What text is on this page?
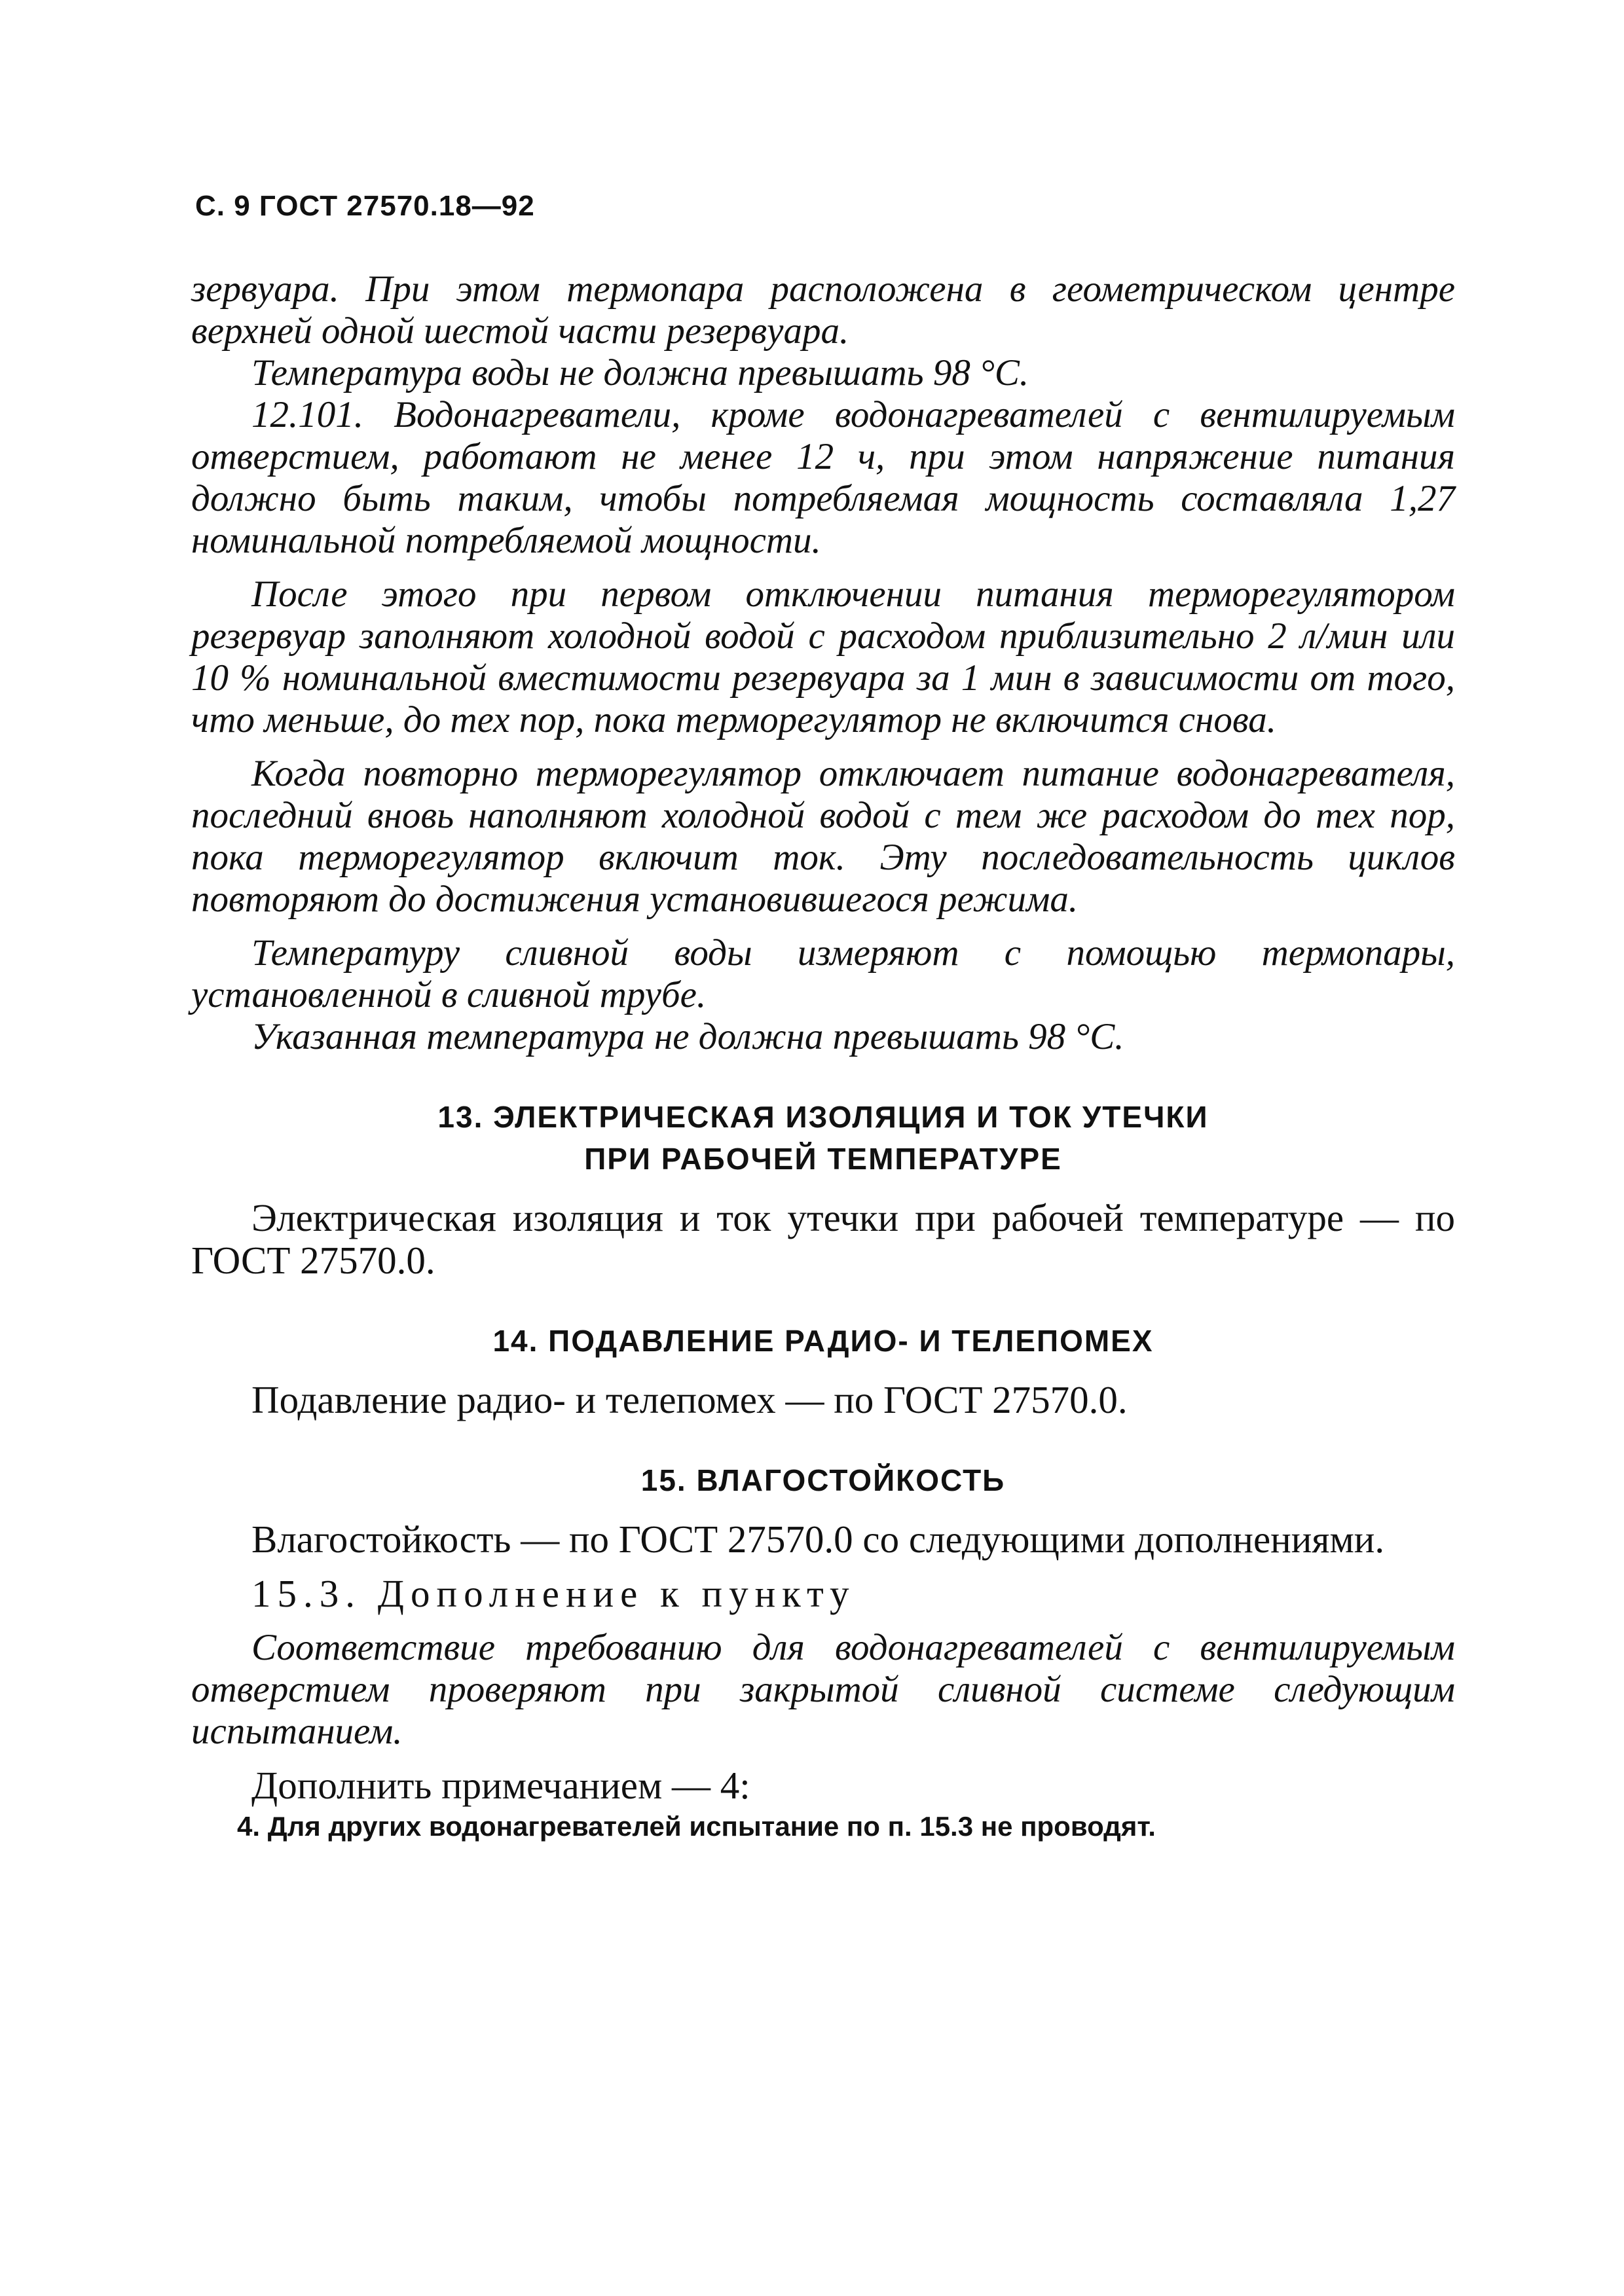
С. 9 ГОСТ 27570.18—92

зервуара. При этом термопара расположена в геометрическом центре верхней одной шестой части резервуара.

Температура воды не должна превышать 98 °С.

12.101. Водонагреватели, кроме водонагревателей с вентилируемым отверстием, работают не менее 12 ч, при этом напряжение питания должно быть таким, чтобы потребляемая мощность составляла 1,27 номинальной потребляемой мощности.

После этого при первом отключении питания терморегулятором резервуар заполняют холодной водой с расходом приблизительно 2 л/мин или 10 % номинальной вместимости резервуара за 1 мин в зависимости от того, что меньше, до тех пор, пока терморегулятор не включится снова.

Когда повторно терморегулятор отключает питание водонагревателя, последний вновь наполняют холодной водой с тем же расходом до тех пор, пока терморегулятор включит ток. Эту последовательность циклов повторяют до достижения установившегося режима.

Температуру сливной воды измеряют с помощью термопары, установленной в сливной трубе.

Указанная температура не должна превышать 98 °С.

13. ЭЛЕКТРИЧЕСКАЯ ИЗОЛЯЦИЯ И ТОК УТЕЧКИ
ПРИ РАБОЧЕЙ ТЕМПЕРАТУРЕ

Электрическая изоляция и ток утечки при рабочей температуре — по ГОСТ 27570.0.

14. ПОДАВЛЕНИЕ РАДИО- И ТЕЛЕПОМЕХ

Подавление радио- и телепомех — по ГОСТ 27570.0.

15. ВЛАГОСТОЙКОСТЬ

Влагостойкость — по ГОСТ 27570.0 со следующими дополнениями.

15.3. Дополнение к пункту

Соответствие требованию для водонагревателей с вентилируемым отверстием проверяют при закрытой сливной системе следующим испытанием.

Дополнить примечанием — 4:

4. Для других водонагревателей испытание по п. 15.3 не проводят.
